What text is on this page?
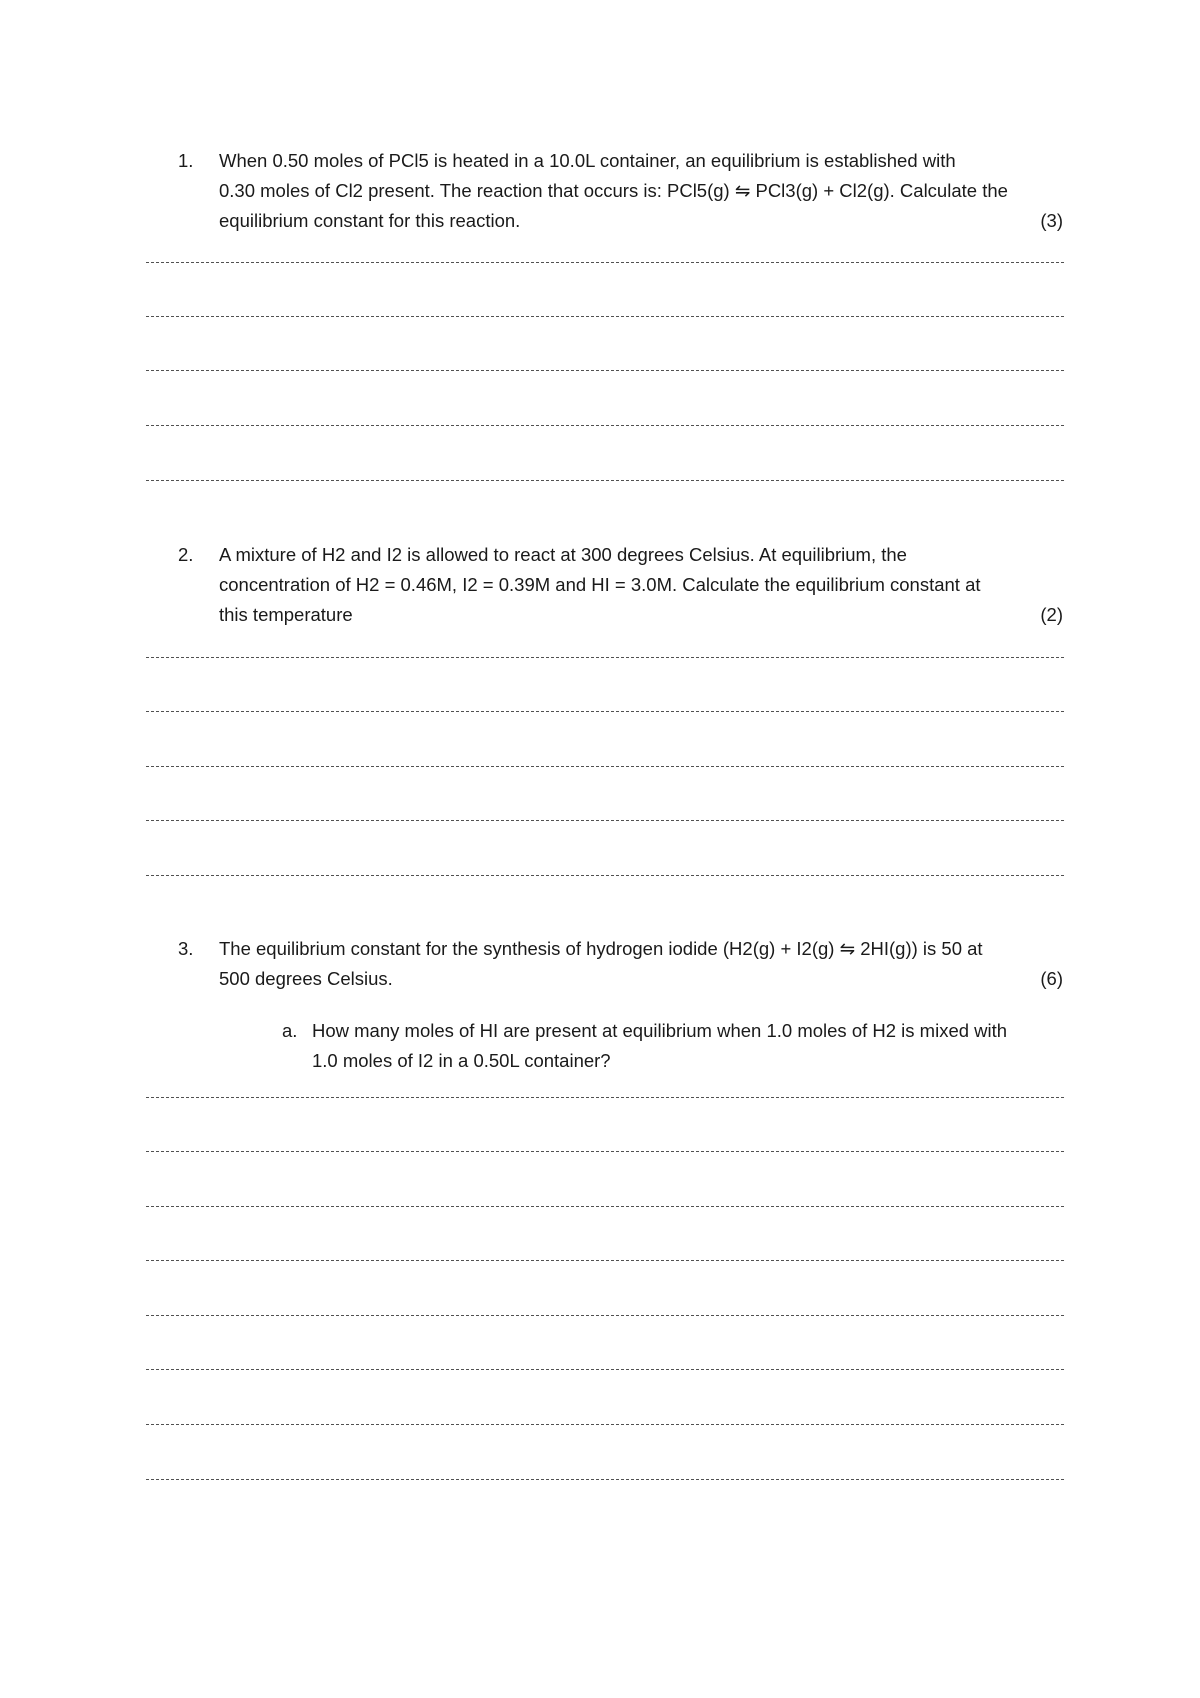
1. When 0.50 moles of PCl5 is heated in a 10.0L container, an equilibrium is established with
0.30 moles of Cl2 present. The reaction that occurs is: PCl5(g) ⇋ PCl3(g) + Cl2(g). Calculate the
equilibrium constant for this reaction.	(3)
2. A mixture of H2 and I2 is allowed to react at 300 degrees Celsius. At equilibrium, the
concentration of H2 = 0.46M, I2 = 0.39M and HI = 3.0M. Calculate the equilibrium constant at
this temperature	(2)
3. The equilibrium constant for the synthesis of hydrogen iodide (H2(g) + I2(g) ⇋ 2HI(g)) is 50 at
500 degrees Celsius.	(6)
a. How many moles of HI are present at equilibrium when 1.0 moles of H2 is mixed with
1.0 moles of I2 in a 0.50L container?
